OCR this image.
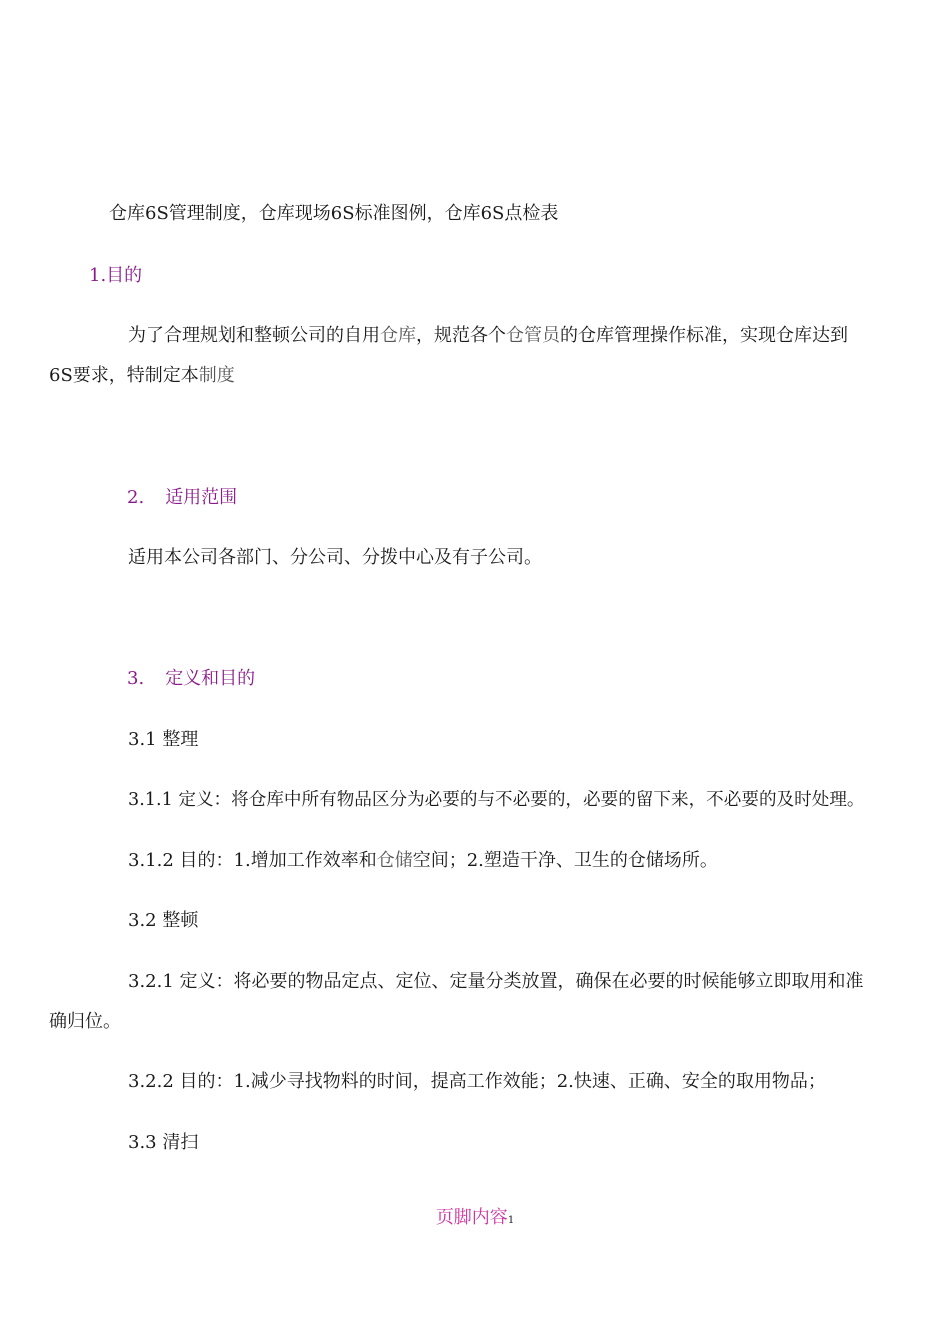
仓库6S管理制度，仓库现场6S标准图例，仓库6S点检表
1.目的
为了合理规划和整顿公司的自用仓库，规范各个仓管员的仓库管理操作标准，实现仓库达到
6S要求，特制定本制度
2. 适用范围
适用本公司各部门、分公司、分拨中心及有子公司。
3. 定义和目的
3.1 整理
3.1.1 定义：将仓库中所有物品区分为必要的与不必要的，必要的留下来，不必要的及时处理。
3.1.2 目的：1.增加工作效率和仓储空间；2.塑造干净、卫生的仓储场所。
3.2 整顿
3.2.1 定义：将必要的物品定点、定位、定量分类放置，确保在必要的时候能够立即取用和准
确归位。
3.2.2 目的：1.减少寻找物料的时间，提高工作效能；2.快速、正确、安全的取用物品；
3.3 清扫
页脚内容1
